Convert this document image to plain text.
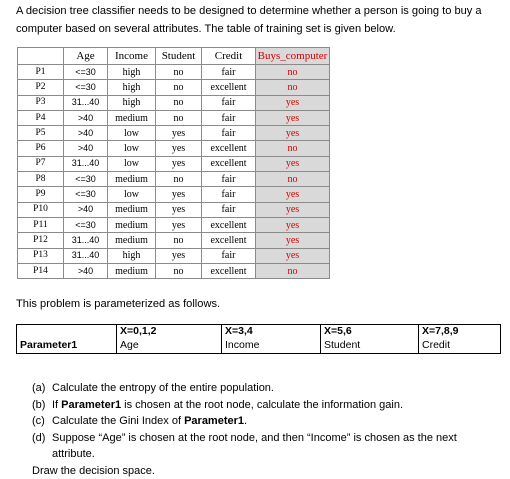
A decision tree classifier needs to be designed to determine whether a person is going to buy a computer based on several attributes. The table of training set is given below.
	Age	Income	Student	Credit	Buys_computer
P1	<=30	high	no	fair	no
P2	<=30	high	no	excellent	no
P3	31...40	high	no	fair	yes
P4	>40	medium	no	fair	yes
P5	>40	low	yes	fair	yes
P6	>40	low	yes	excellent	no
P7	31...40	low	yes	excellent	yes
P8	<=30	medium	no	fair	no
P9	<=30	low	yes	fair	yes
P10	>40	medium	yes	fair	yes
P11	<=30	medium	yes	excellent	yes
P12	31...40	medium	no	excellent	yes
P13	31...40	high	yes	fair	yes
P14	>40	medium	no	excellent	no
This problem is parameterized as follows.
	X=0,1,2	X=3,4	X=5,6	X=7,8,9
Parameter1	Age	Income	Student	Credit
(a) Calculate the entropy of the entire population.
(b) If Parameter1 is chosen at the root node, calculate the information gain.
(c) Calculate the Gini Index of Parameter1.
(d) Suppose “Age” is chosen at the root node, and then “Income” is chosen as the next attribute.
Draw the decision space.
